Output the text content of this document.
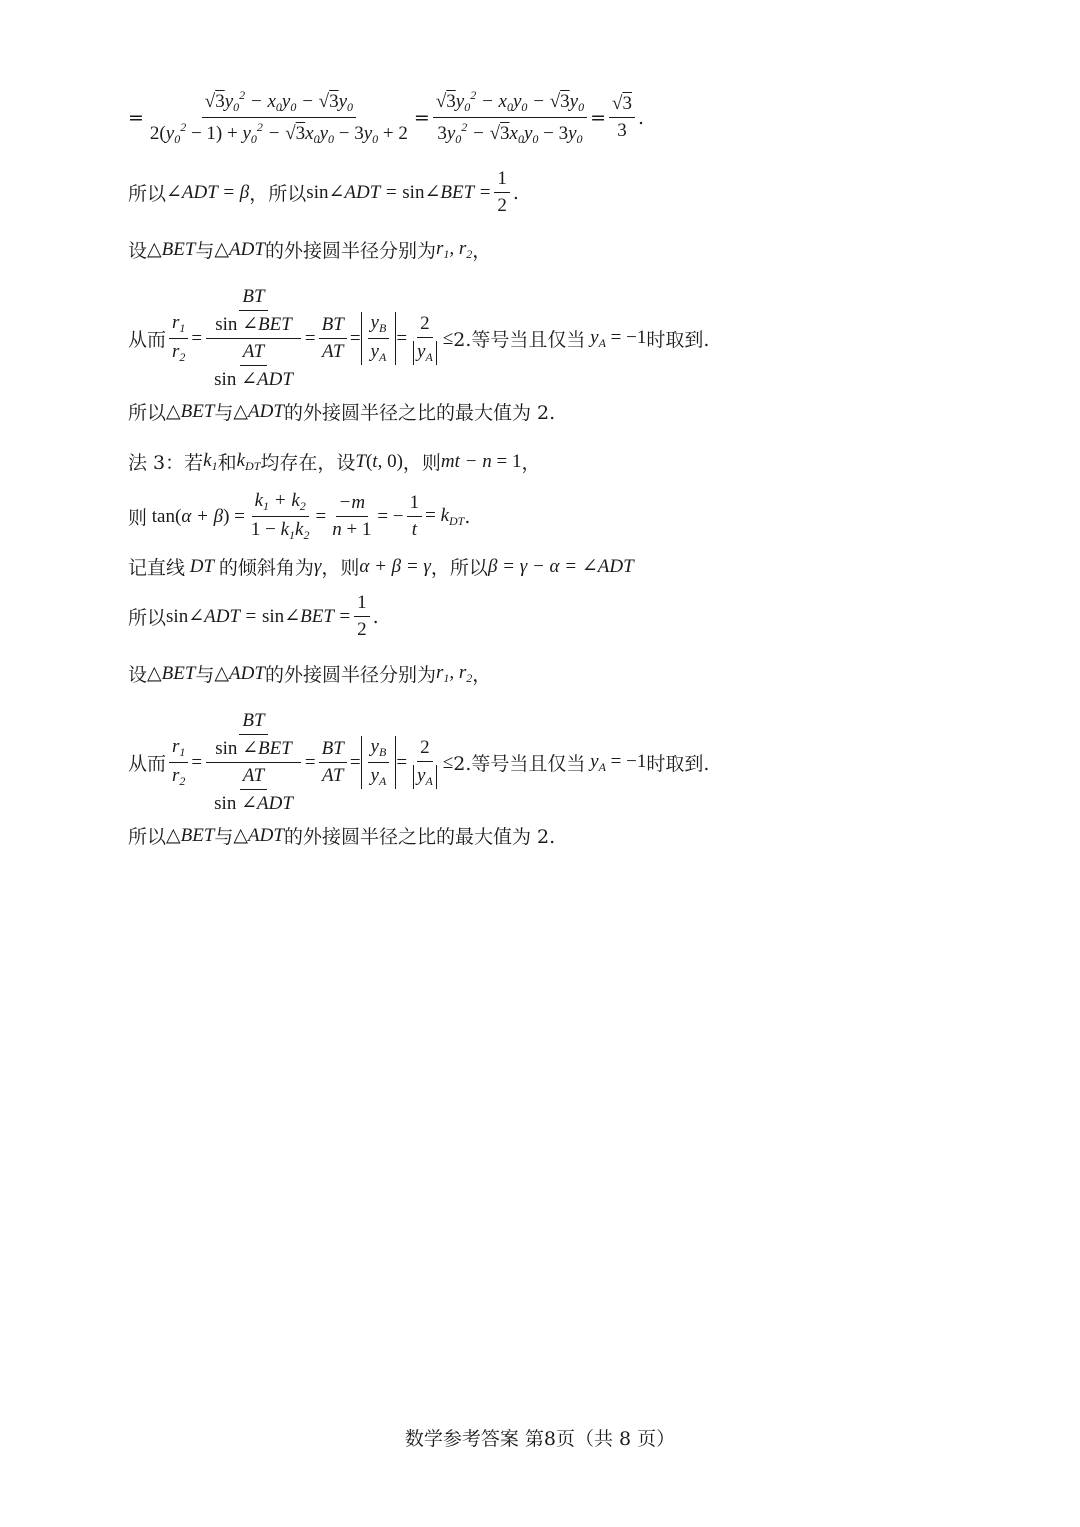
= $\frac{√3y_0^2 - x_0y_0 - √3y_0}{2(y_0^2 - 1) + y_0^2 - √3x_0y_0 - 3y_0 + 2} = \frac{√3y_0^2 - x_0y_0 - √3y_0}{3y_0^2 - √3x_0y_0 - 3y_0} = \frac{√3}{3}$ .
所以 ∠ADT = β ，所以 sin∠ADT = sin∠BET = $\frac{1}{2}$ .
设 △BET 与 △ADT 的外接圆半径分别为 $r_1$, $r_2$ ，
从而 $\frac{r_1}{r_2} = \frac{\frac{BT}{\text{sin ∠BET}}}{\frac{AT}{\text{sin ∠ADT}}} = \frac{BT}{AT} = \frac{y_B}{y_A} = \frac{2}{y_A} \le 2$.等号当且仅当 $y_A = -1$ 时取到.
所以 △BET 与 △ADT 的外接圆半径之比的最大值为 2.
法 3：若 $k_1$ 和 $k_{DT}$ 均存在，设 T(t, 0) ，则 mt − n = 1 ，
则 $\tan(\alpha + \beta) = \frac{k_1 + k_2}{1 - k_1k_2} = \frac{-m}{n + 1}$ = − $\frac{1}{t} = k_{DT}$ .
记直线 DT 的倾斜角为 γ ，则 α + β = γ ，所以 β = γ − α = ∠ADT
所以 sin∠ADT = sin∠BET = $\frac{1}{2}$ .
设 △BET 与 △ADT 的外接圆半径分别为 $r_1$, $r_2$ ，
从而 $\frac{r_1}{r_2} = \frac{\frac{BT}{\text{sin ∠BET}}}{\frac{AT}{\text{sin ∠ADT}}} = \frac{BT}{AT} = \frac{y_B}{y_A} = \frac{2}{y_A} \le 2$.等号当且仅当 $y_A = -1$ 时取到.
所以 △BET 与 △ADT 的外接圆半径之比的最大值为 2.
数学参考答案 第8页（共 8 页）
